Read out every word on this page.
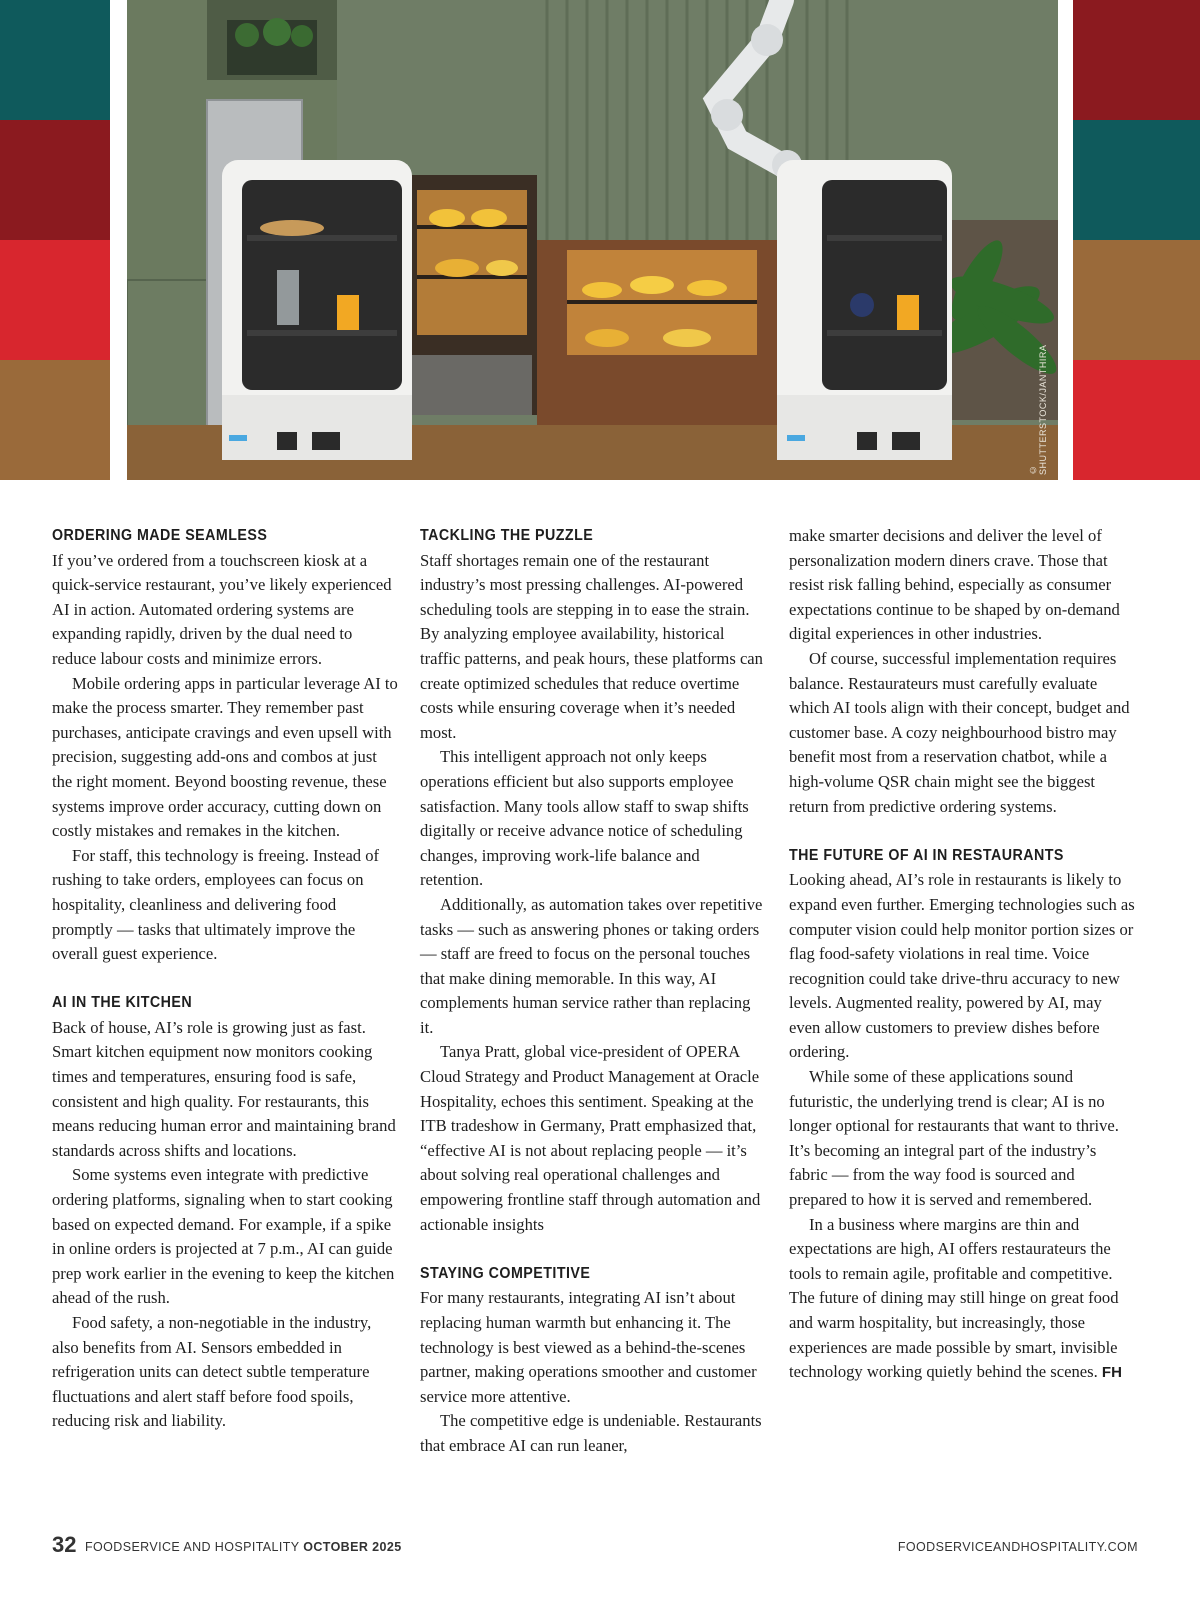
© SHUTTERSTOCK/JANTHIRA
ORDERING MADE SEAMLESS

If you’ve ordered from a touchscreen kiosk at a quick-service restaurant, you’ve likely experienced AI in action. Automated ordering systems are expanding rapidly, driven by the dual need to reduce labour costs and minimize errors.

Mobile ordering apps in particular leverage AI to make the process smarter. They remember past purchases, anticipate cravings and even upsell with precision, suggesting add-ons and combos at just the right moment. Beyond boosting revenue, these systems improve order accuracy, cutting down on costly mistakes and remakes in the kitchen.

For staff, this technology is freeing. Instead of rushing to take orders, employees can focus on hospitality, cleanliness and delivering food promptly — tasks that ultimately improve the overall guest experience.

AI IN THE KITCHEN

Back of house, AI’s role is growing just as fast. Smart kitchen equipment now monitors cooking times and temperatures, ensuring food is safe, consistent and high quality. For restaurants, this means reducing human error and maintaining brand standards across shifts and locations.

Some systems even integrate with predictive ordering platforms, signaling when to start cooking based on expected demand. For example, if a spike in online orders is projected at 7 p.m., AI can guide prep work earlier in the evening to keep the kitchen ahead of the rush.

Food safety, a non-negotiable in the industry, also benefits from AI. Sensors embedded in refrigeration units can detect subtle temperature fluctuations and alert staff before food spoils, reducing risk and liability.

TACKLING THE PUZZLE

Staff shortages remain one of the restaurant industry’s most pressing challenges. AI-powered scheduling tools are stepping in to ease the strain. By analyzing employee availability, historical traffic patterns, and peak hours, these platforms can create optimized schedules that reduce overtime costs while ensuring coverage when it’s needed most.

This intelligent approach not only keeps operations efficient but also supports employee satisfaction. Many tools allow staff to swap shifts digitally or receive advance notice of scheduling changes, improving work-life balance and retention.

Additionally, as automation takes over repetitive tasks — such as answering phones or taking orders — staff are freed to focus on the personal touches that make dining memorable. In this way, AI complements human service rather than replacing it.

Tanya Pratt, global vice-president of OPERA Cloud Strategy and Product Management at Oracle Hospitality, echoes this sentiment. Speaking at the ITB tradeshow in Germany, Pratt emphasized that, “effective AI is not about replacing people — it’s about solving real operational challenges and empowering frontline staff through automation and actionable insights

STAYING COMPETITIVE

For many restaurants, integrating AI isn’t about replacing human warmth but enhancing it. The technology is best viewed as a behind-the-scenes partner, making operations smoother and customer service more attentive.

The competitive edge is undeniable. Restaurants that embrace AI can run leaner,

make smarter decisions and deliver the level of personalization modern diners crave. Those that resist risk falling behind, especially as consumer expectations continue to be shaped by on-demand digital experiences in other industries.

Of course, successful implementation requires balance. Restaurateurs must carefully evaluate which AI tools align with their concept, budget and customer base. A cozy neighbourhood bistro may benefit most from a reservation chatbot, while a high-volume QSR chain might see the biggest return from predictive ordering systems.

THE FUTURE OF AI IN RESTAURANTS

Looking ahead, AI’s role in restaurants is likely to expand even further. Emerging technologies such as computer vision could help monitor portion sizes or flag food-safety violations in real time. Voice recognition could take drive-thru accuracy to new levels. Augmented reality, powered by AI, may even allow customers to preview dishes before ordering.

While some of these applications sound futuristic, the underlying trend is clear; AI is no longer optional for restaurants that want to thrive. It’s becoming an integral part of the industry’s fabric — from the way food is sourced and prepared to how it is served and remembered.

In a business where margins are thin and expectations are high, AI offers restaurateurs the tools to remain agile, profitable and competitive. The future of dining may still hinge on great food and warm hospitality, but increasingly, those experiences are made possible by smart, invisible technology working quietly behind the scenes. FH

32 FOODSERVICE AND HOSPITALITY OCTOBER 2025	FOODSERVICEANDHOSPITALITY.COM
